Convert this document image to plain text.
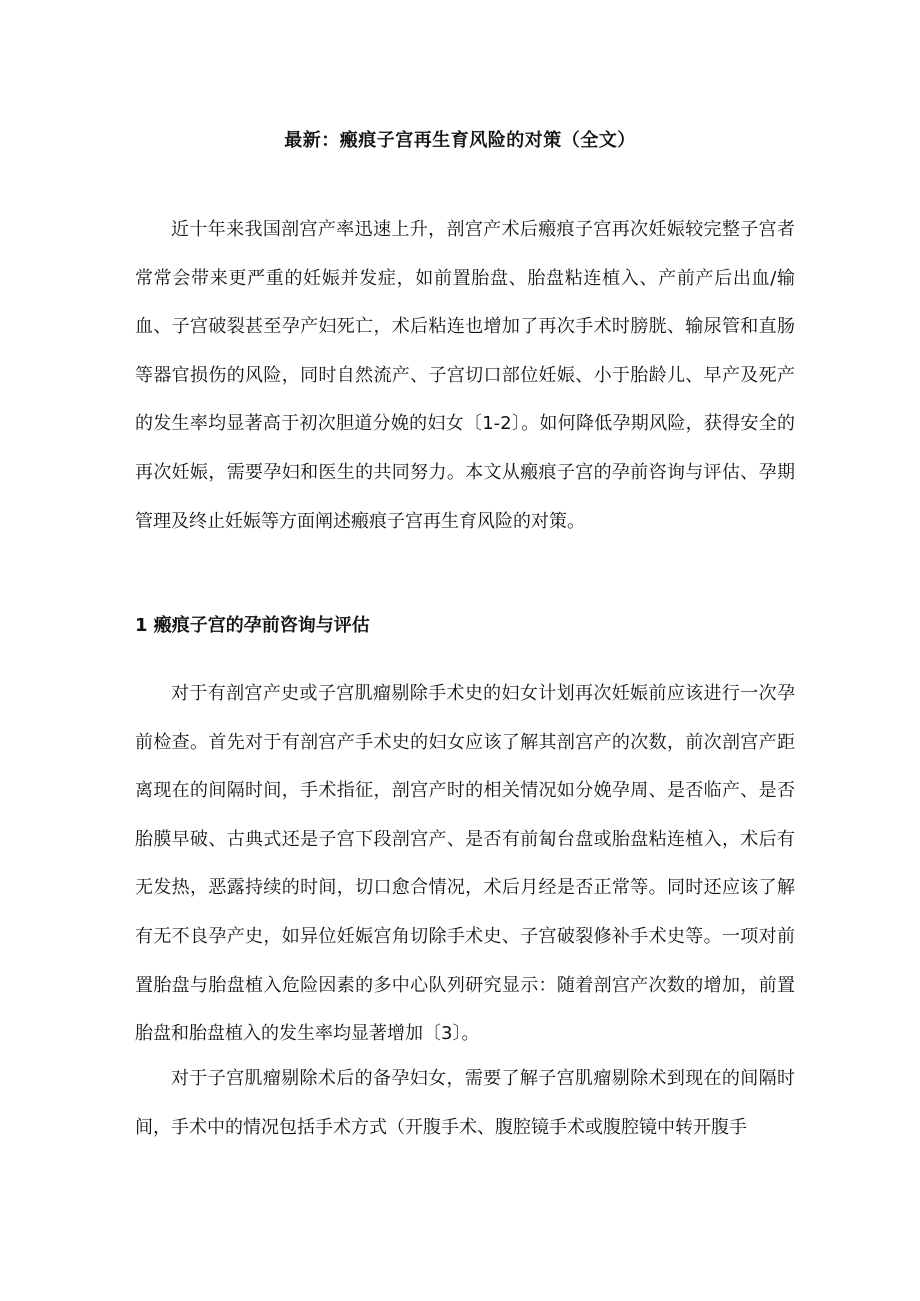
最新：瘢痕子宫再生育风险的对策（全文）

近十年来我国剖宫产率迅速上升，剖宫产术后瘢痕子宫再次妊娠较完整子宫者常常会带来更严重的妊娠并发症，如前置胎盘、胎盘粘连植入、产前产后出血/输血、子宫破裂甚至孕产妇死亡，术后粘连也增加了再次手术时膀胱、输尿管和直肠等器官损伤的风险，同时自然流产、子宫切口部位妊娠、小于胎龄儿、早产及死产的发生率均显著高于初次胆道分娩的妇女〔1-2〕。如何降低孕期风险，获得安全的再次妊娠，需要孕妇和医生的共同努力。本文从瘢痕子宫的孕前咨询与评估、孕期管理及终止妊娠等方面阐述瘢痕子宫再生育风险的对策。

1 瘢痕子宫的孕前咨询与评估

对于有剖宫产史或子宫肌瘤剔除手术史的妇女计划再次妊娠前应该进行一次孕前检查。首先对于有剖宫产手术史的妇女应该了解其剖宫产的次数，前次剖宫产距离现在的间隔时间，手术指征，剖宫产时的相关情况如分娩孕周、是否临产、是否胎膜早破、古典式还是子宫下段剖宫产、是否有前匐台盘或胎盘粘连植入，术后有无发热，恶露持续的时间，切口愈合情况，术后月经是否正常等。同时还应该了解有无不良孕产史，如异位妊娠宫角切除手术史、子宫破裂修补手术史等。一项对前置胎盘与胎盘植入危险因素的多中心队列研究显示：随着剖宫产次数的增加，前置胎盘和胎盘植入的发生率均显著增加〔3〕。

对于子宫肌瘤剔除术后的备孕妇女，需要了解子宫肌瘤剔除术到现在的间隔时间，手术中的情况包括手术方式（开腹手术、腹腔镜手术或腹腔镜中转开腹手
